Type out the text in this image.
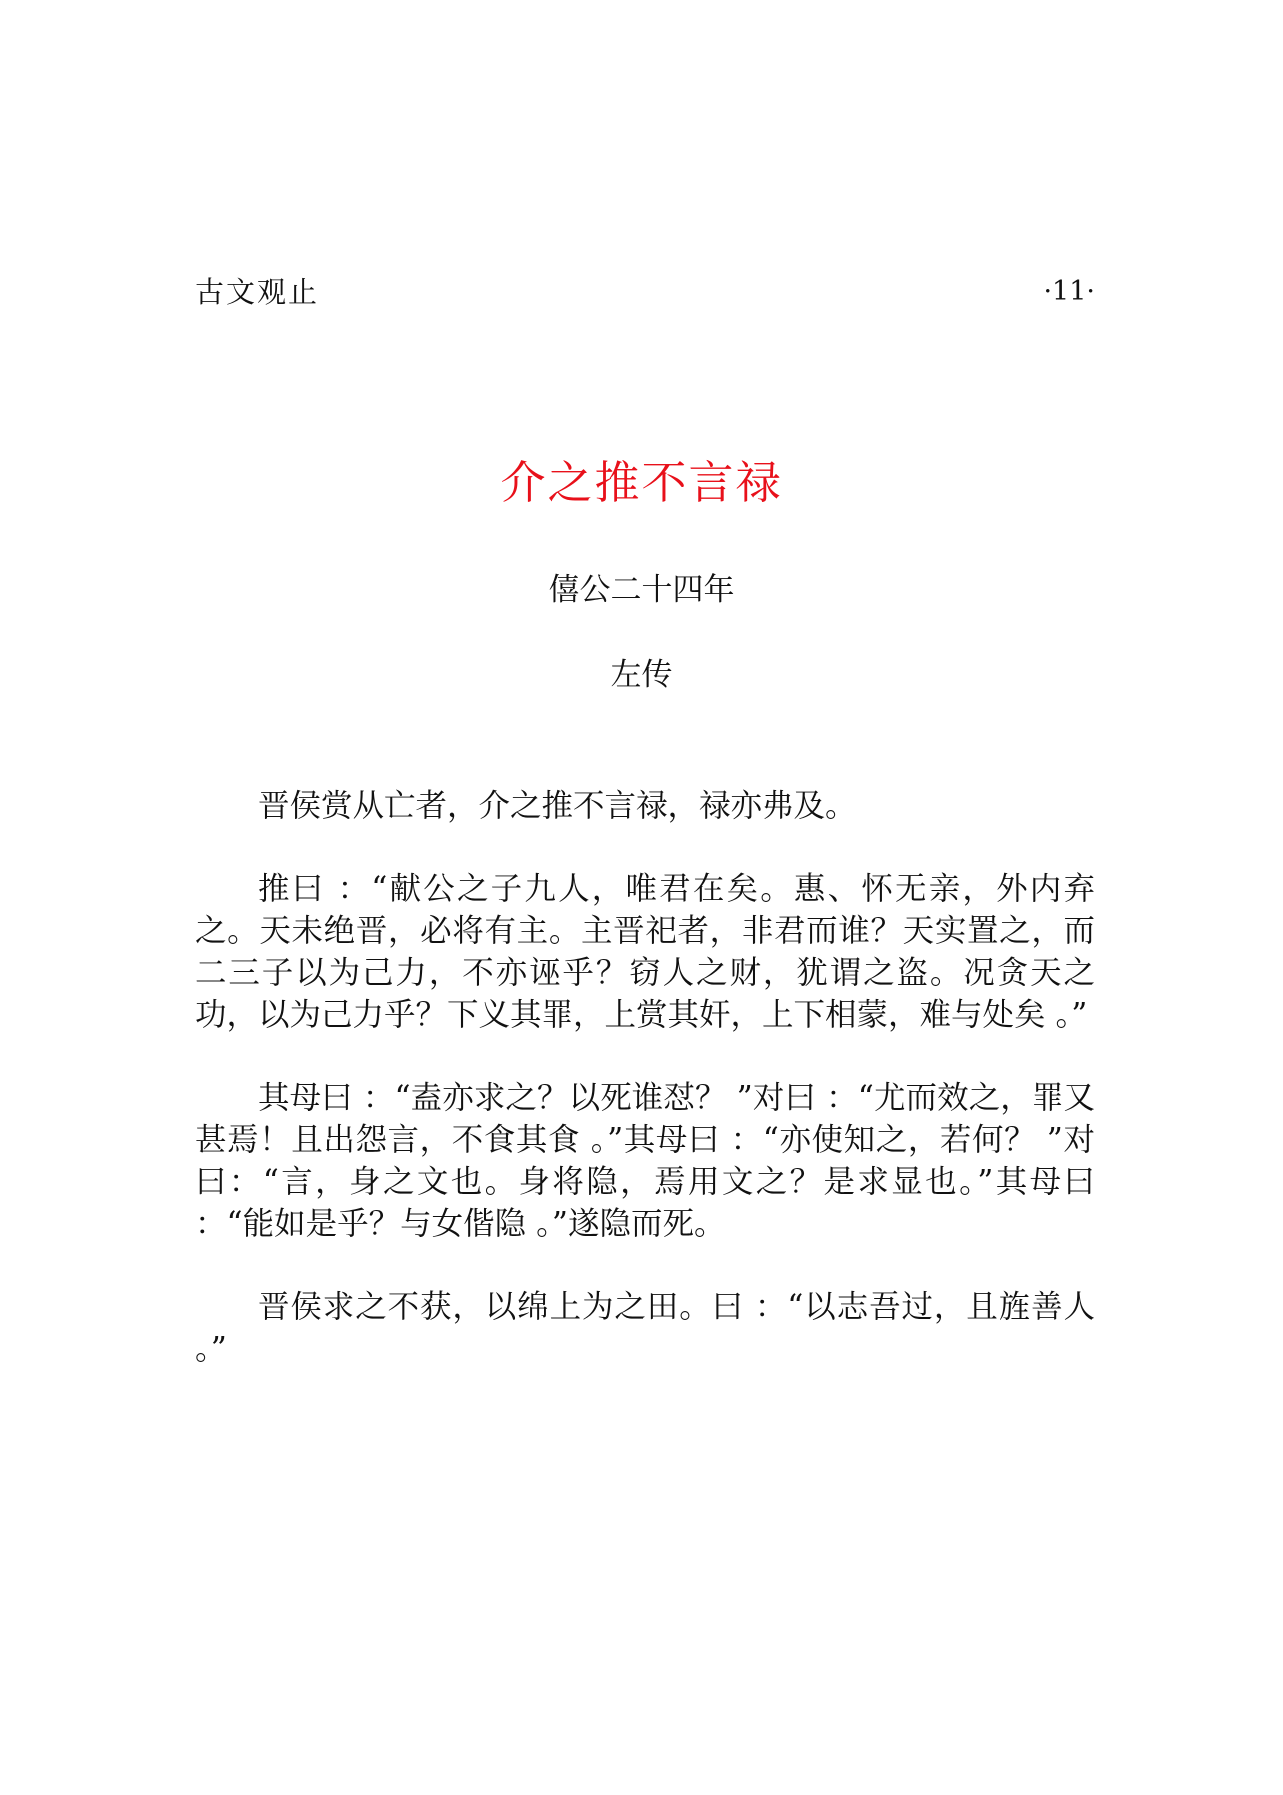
古文观止	·11·
介之推不言禄
僖公二十四年
左传

晋侯赏从亡者，介之推不言禄，禄亦弗及。

推曰 ：“献公之子九人，唯君在矣。惠、怀无亲，外内弃之。天未绝晋，必将有主。主晋祀者，非君而谁？天实置之，而二三子以为己力，不亦诬乎？窃人之财，犹谓之盗。况贪天之功，以为己力乎？下义其罪，上赏其奸，上下相蒙，难与处矣 。”

其母曰 ：“盍亦求之？以死谁怼？ ”对曰 ：“尤而效之，罪又甚焉！且出怨言，不食其食 。”其母曰 ：“亦使知之，若何？ ”对曰：“言，身之文也。身将隐，焉用文之？是求显也。”其母曰 ：“能如是乎？与女偕隐 。”遂隐而死。

晋侯求之不获，以绵上为之田。曰 ：“以志吾过，且旌善人 。”
